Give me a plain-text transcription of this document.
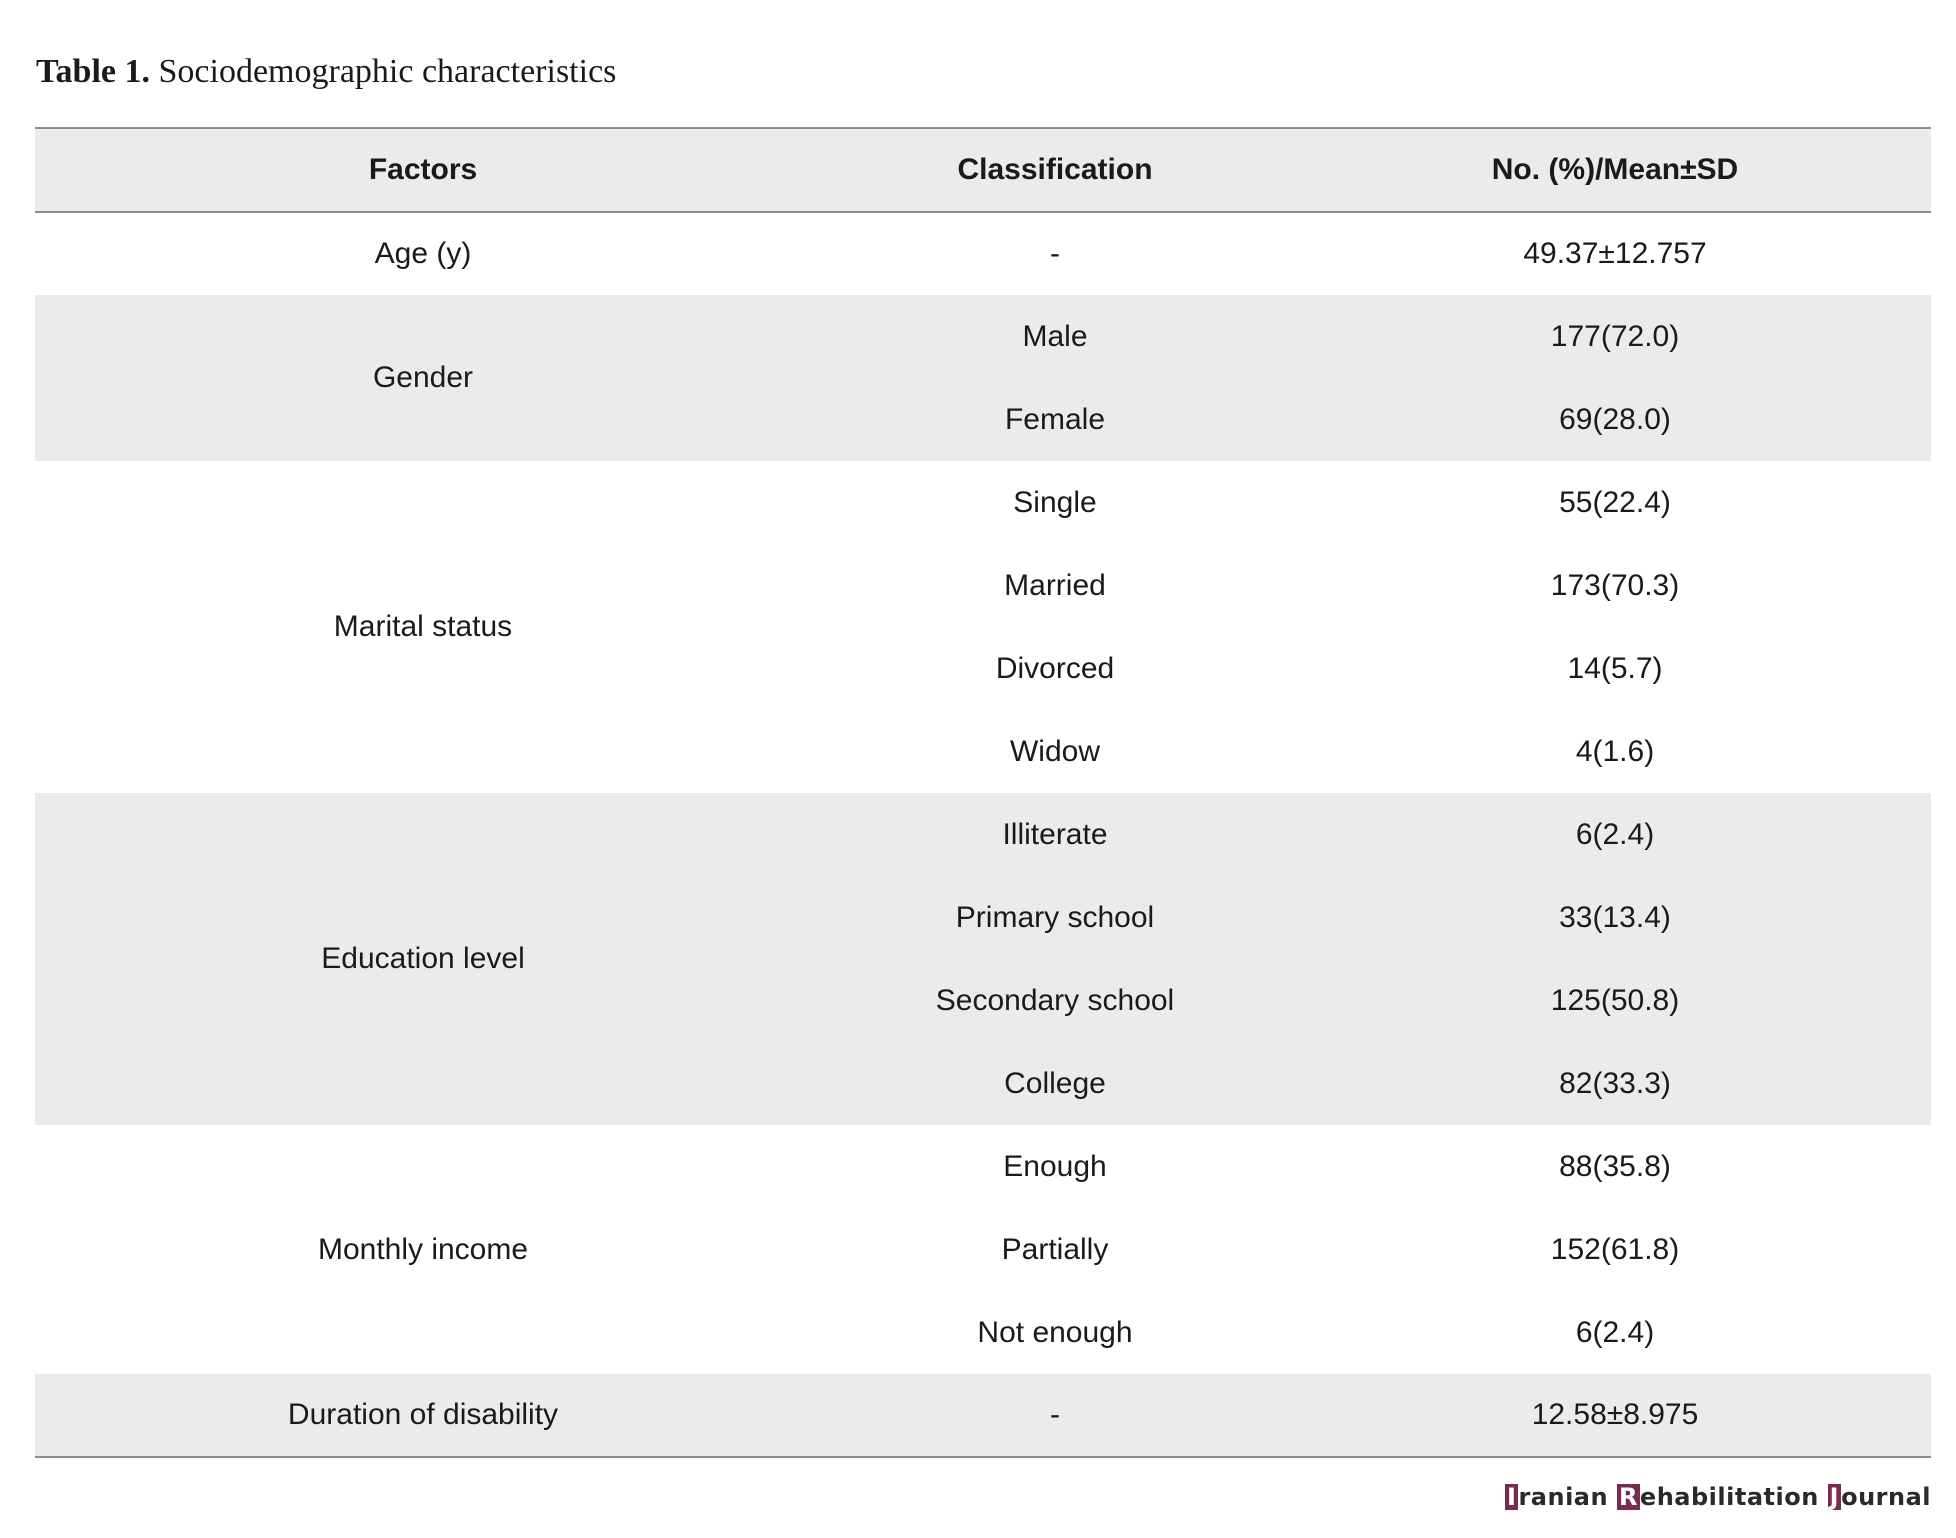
Table 1. Sociodemographic characteristics
Factors	Classification	No. (%)/Mean±SD
Age (y)	-	49.37±12.757
Gender	Male	177(72.0)
	Female	69(28.0)
Marital status	Single	55(22.4)
	Married	173(70.3)
	Divorced	14(5.7)
	Widow	4(1.6)
Education level	Illiterate	6(2.4)
	Primary school	33(13.4)
	Secondary school	125(50.8)
	College	82(33.3)
Monthly income	Enough	88(35.8)
	Partially	152(61.8)
	Not enough	6(2.4)
Duration of disability	-	12.58±8.975
Iranian Rehabilitation Journal
